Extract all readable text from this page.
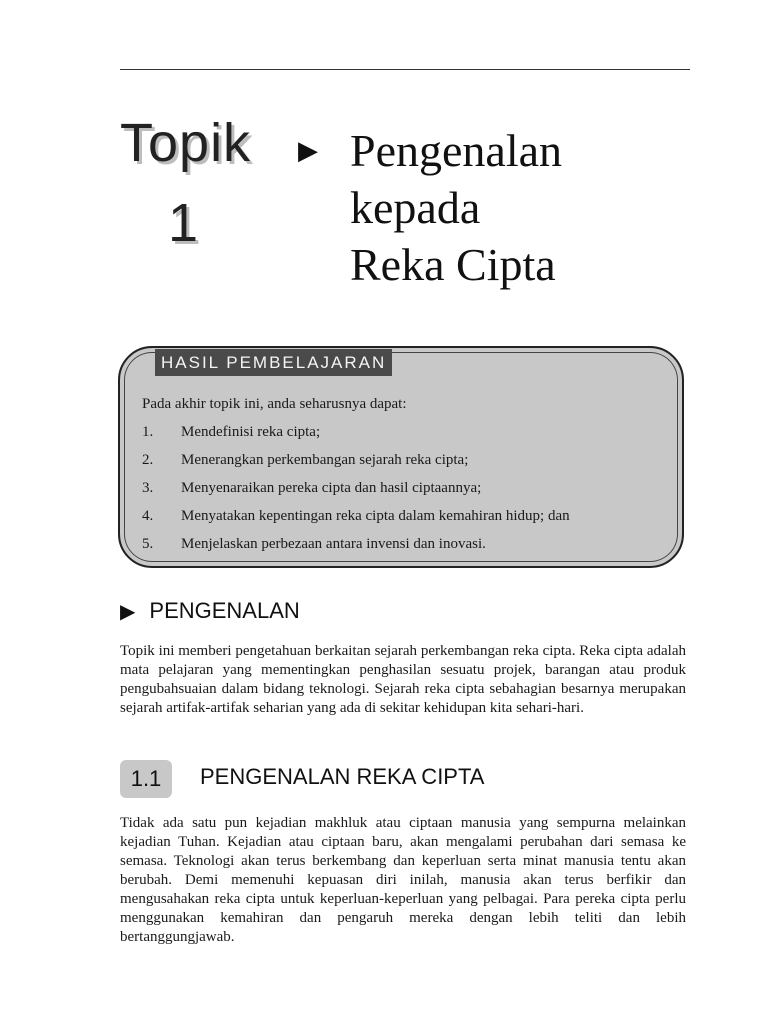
Topik
1
▶ Pengenalan
kepada
Reka Cipta
HASIL PEMBELAJARAN
Pada akhir topik ini, anda seharusnya dapat:
1.	Mendefinisi reka cipta;
2.	Menerangkan perkembangan sejarah reka cipta;
3.	Menyenaraikan pereka cipta dan hasil ciptaannya;
4.	Menyatakan kepentingan reka cipta dalam kemahiran hidup; dan
5.	Menjelaskan perbezaan antara invensi dan inovasi.
▶ PENGENALAN
Topik ini memberi pengetahuan berkaitan sejarah perkembangan reka cipta. Reka cipta adalah mata pelajaran yang mementingkan penghasilan sesuatu projek, barangan atau produk pengubahsuaian dalam bidang teknologi. Sejarah reka cipta sebahagian besarnya merupakan sejarah artifak-artifak seharian yang ada di sekitar kehidupan kita sehari-hari.
1.1	PENGENALAN REKA CIPTA
Tidak ada satu pun kejadian makhluk atau ciptaan manusia yang sempurna melainkan kejadian Tuhan. Kejadian atau ciptaan baru, akan mengalami perubahan dari semasa ke semasa. Teknologi akan terus berkembang dan keperluan serta minat manusia tentu akan berubah. Demi memenuhi kepuasan diri inilah, manusia akan terus berfikir dan mengusahakan reka cipta untuk keperluan-keperluan yang pelbagai. Para pereka cipta perlu menggunakan kemahiran dan pengaruh mereka dengan lebih teliti dan lebih bertanggungjawab.
